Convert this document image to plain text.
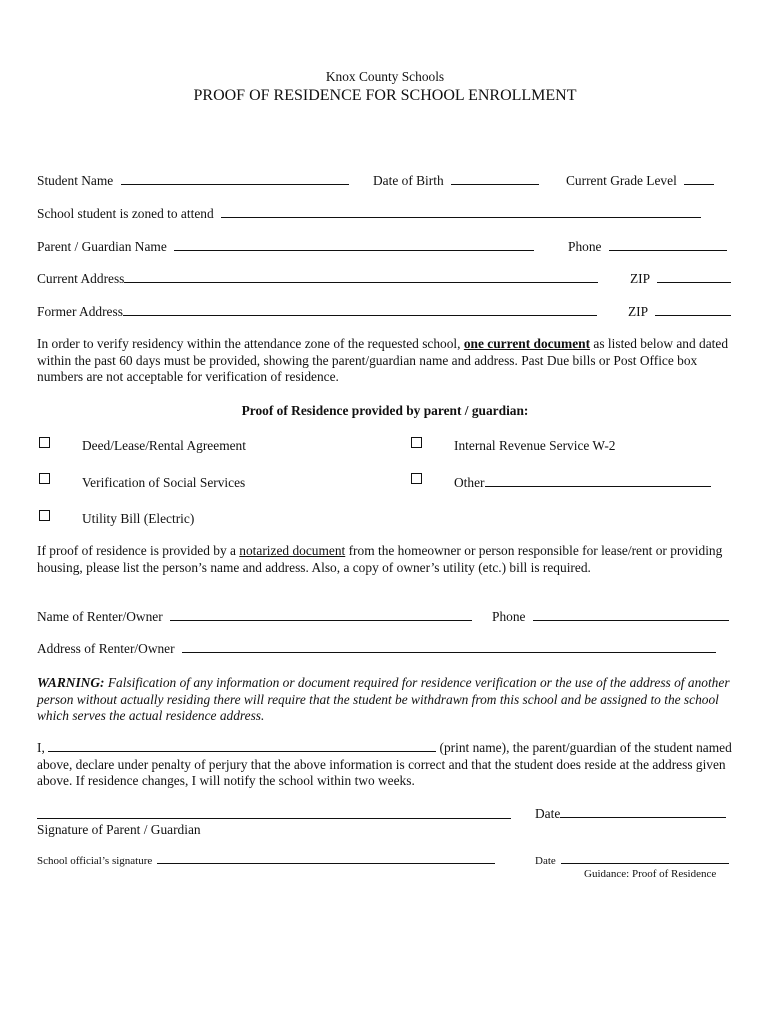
Knox County Schools
PROOF OF RESIDENCE FOR SCHOOL ENROLLMENT
Student Name	Date of Birth	Current Grade Level
School student is zoned to attend
Parent / Guardian Name	Phone
Current Address	ZIP
Former Address	ZIP
In order to verify residency within the attendance zone of the requested school, one current document as listed below and dated within the past 60 days must be provided, showing the parent/guardian name and address. Past Due bills or Post Office box numbers are not acceptable for verification of residence.
Proof of Residence provided by parent / guardian:
Deed/Lease/Rental Agreement	Internal Revenue Service W-2
Verification of Social Services	Other
Utility Bill (Electric)
If proof of residence is provided by a notarized document from the homeowner or person responsible for lease/rent or providing housing, please list the person’s name and address. Also, a copy of owner’s utility (etc.) bill is required.
Name of Renter/Owner	Phone
Address of Renter/Owner
WARNING: Falsification of any information or document required for residence verification or the use of the address of another person without actually residing there will require that the student be withdrawn from this school and be assigned to the school which serves the actual residence address.
I,	(print name), the parent/guardian of the student named above, declare under penalty of perjury that the above information is correct and that the student does reside at the address given above. If residence changes, I will notify the school within two weeks.
Date
Signature of Parent / Guardian
School official’s signature	Date
Guidance: Proof of Residence
